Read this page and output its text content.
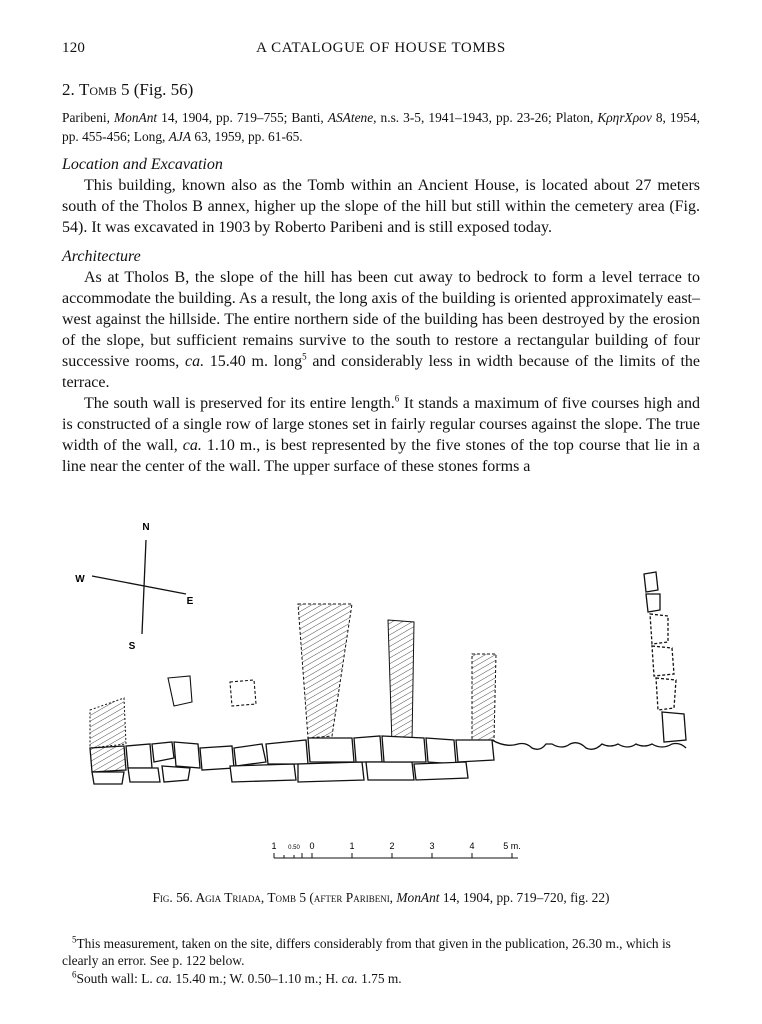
120	A CATALOGUE OF HOUSE TOMBS
2. Tomb 5 (Fig. 56)
Paribeni, MonAnt 14, 1904, pp. 719–755; Banti, ASAtene, n.s. 3-5, 1941–1943, pp. 23-26; Platon, ΚρηrΧρον 8, 1954, pp. 455-456; Long, AJA 63, 1959, pp. 61-65.
Location and Excavation

This building, known also as the Tomb within an Ancient House, is located about 27 meters south of the Tholos B annex, higher up the slope of the hill but still within the cemetery area (Fig. 54). It was excavated in 1903 by Roberto Paribeni and is still exposed today.

Architecture

As at Tholos B, the slope of the hill has been cut away to bedrock to form a level terrace to accommodate the building. As a result, the long axis of the building is oriented approximately east–west against the hillside. The entire northern side of the building has been destroyed by the erosion of the slope, but sufficient remains survive to the south to restore a rectangular building of four successive rooms, ca. 15.40 m. long$^5$ and considerably less in width because of the limits of the terrace.

The south wall is preserved for its entire length.$^6$ It stands a maximum of five courses high and is constructed of a single row of large stones set in fairly regular courses against the slope. The true width of the wall, ca. 1.10 m., is best represented by the five stones of the top course that lie in a line near the center of the wall. The upper surface of these stones forms a

N
S
W
E
1 0.50 0	1	2	3	4	5 m.
Fig. 56. Agia Triada, Tomb 5 (after Paribeni, MonAnt 14, 1904, pp. 719–720, fig. 22)

$^5$This measurement, taken on the site, differs considerably from that given in the publication, 26.30 m., which is clearly an error. See p. 122 below.

$^6$South wall: L. ca. 15.40 m.; W. 0.50–1.10 m.; H. ca. 1.75 m.
